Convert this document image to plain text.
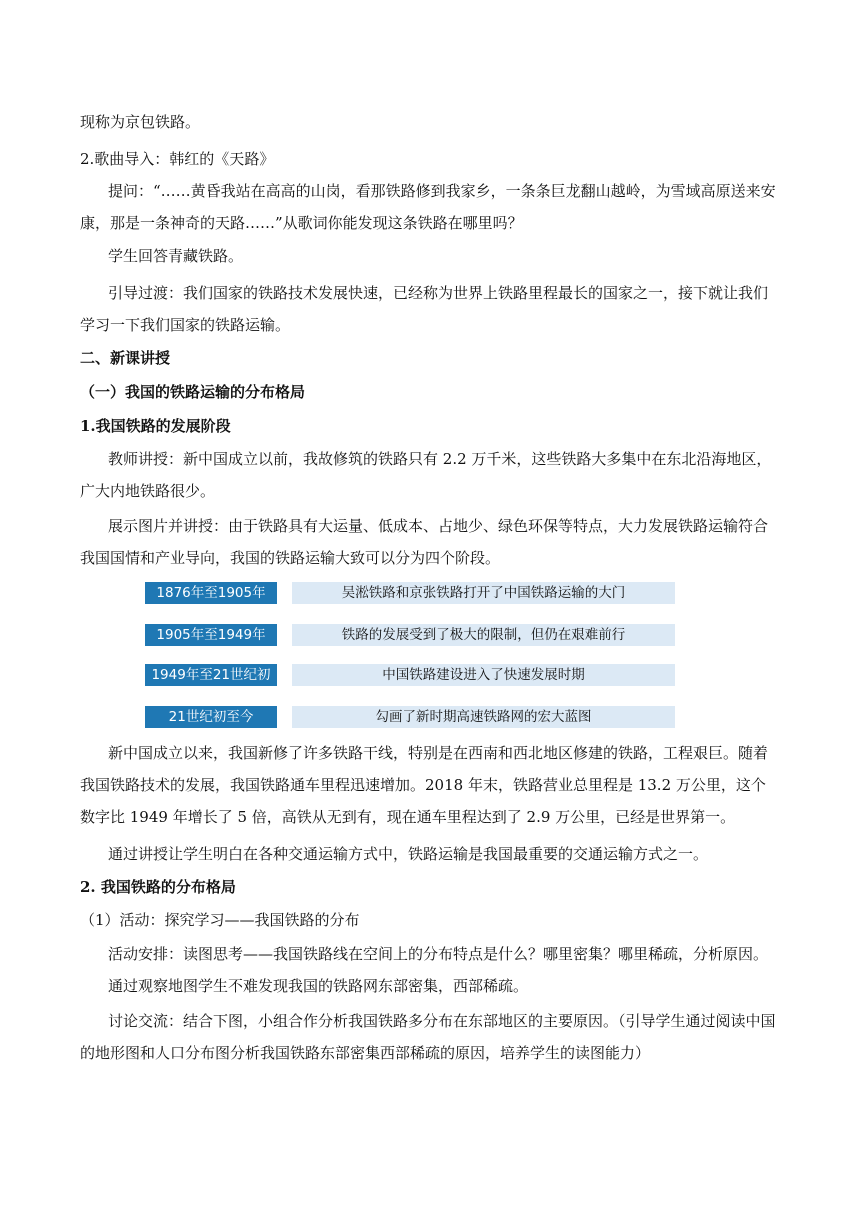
现称为京包铁路。

2.歌曲导入：韩红的《天路》

提问：“……黄昏我站在高高的山岗，看那铁路修到我家乡，一条条巨龙翻山越岭，为雪域高原送来安康，那是一条神奇的天路……”从歌词你能发现这条铁路在哪里吗？

学生回答青藏铁路。

引导过渡：我们国家的铁路技术发展快速，已经称为世界上铁路里程最长的国家之一，接下就让我们学习一下我们国家的铁路运输。

二、新课讲授

（一）我国的铁路运输的分布格局

1.我国铁路的发展阶段

教师讲授：新中国成立以前，我故修筑的铁路只有 2.2 万千米，这些铁路大多集中在东北沿海地区，广大内地铁路很少。

展示图片并讲授：由于铁路具有大运量、低成本、占地少、绿色环保等特点，大力发展铁路运输符合我国国情和产业导向，我国的铁路运输大致可以分为四个阶段。

1876年至1905年	吴淞铁路和京张铁路打开了中国铁路运输的大门
1905年至1949年	铁路的发展受到了极大的限制，但仍在艰难前行
1949年至21世纪初	中国铁路建设进入了快速发展时期
21世纪初至今	勾画了新时期高速铁路网的宏大蓝图

新中国成立以来，我国新修了许多铁路干线，特别是在西南和西北地区修建的铁路，工程艰巨。随着我国铁路技术的发展，我国铁路通车里程迅速增加。2018 年末，铁路营业总里程是 13.2 万公里，这个数字比 1949 年增长了 5 倍，高铁从无到有，现在通车里程达到了 2.9 万公里，已经是世界第一。

通过讲授让学生明白在各种交通运输方式中，铁路运输是我国最重要的交通运输方式之一。

2. 我国铁路的分布格局

（1）活动：探究学习——我国铁路的分布

活动安排：读图思考——我国铁路线在空间上的分布特点是什么？哪里密集？哪里稀疏，分析原因。

通过观察地图学生不难发现我国的铁路网东部密集，西部稀疏。

讨论交流：结合下图，小组合作分析我国铁路多分布在东部地区的主要原因。（引导学生通过阅读中国的地形图和人口分布图分析我国铁路东部密集西部稀疏的原因，培养学生的读图能力）
